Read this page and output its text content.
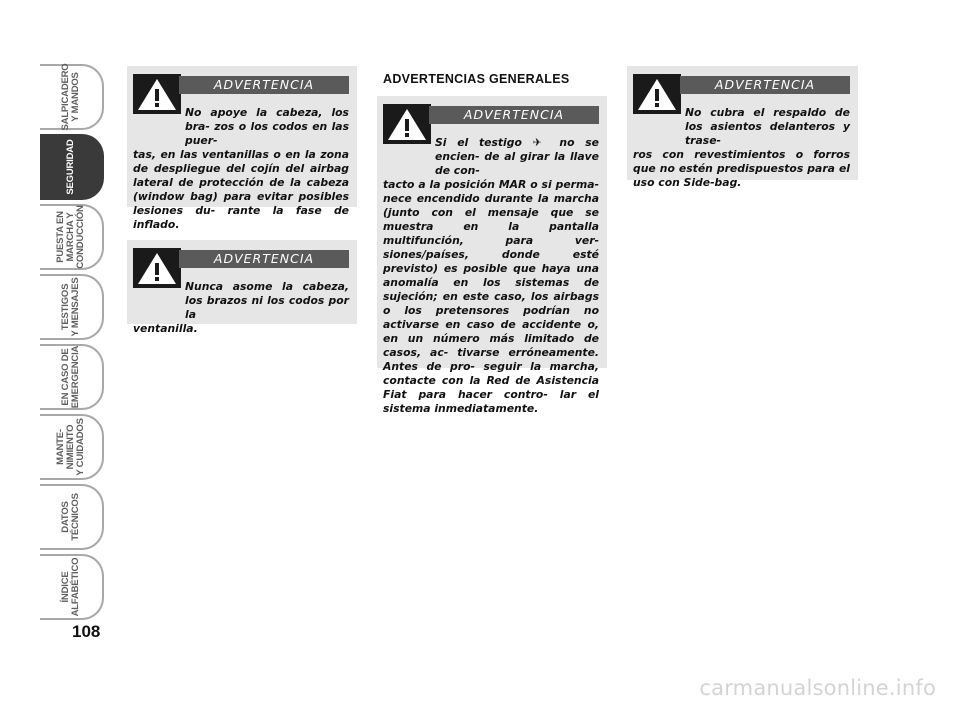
SALPICADERO
Y MANDOS
SEGURIDAD
PUESTA EN
MARCHA Y
CONDUCCIÓN
TESTIGOS
Y MENSAJES
EN CASO DE
EMERGENCIA
MANTE-
NIMIENTO
Y CUIDADOS
DATOS
TÉCNICOS
ÍNDICE
ALFABÉTICO
108
ADVERTENCIA

No apoye la cabeza, los bra- zos o los codos en las puer-
tas, en las ventanillas o en la zona de despliegue del cojín del airbag lateral de protección de la cabeza (window bag) para evitar posibles lesiones du- rante la fase de inflado.

ADVERTENCIA

Nunca asome la cabeza, los brazos ni los codos por la
ventanilla.

ADVERTENCIAS GENERALES
ADVERTENCIA

Si el testigo ✈ no se encien- de al girar la llave de con-
tacto a la posición MAR o si perma- nece encendido durante la marcha (junto con el mensaje que se muestra en la pantalla multifunción, para ver- siones/países, donde esté previsto) es posible que haya una anomalía en los sistemas de sujeción; en este caso, los airbags o los pretensores podrían no activarse en caso de accidente o, en un número más limitado de casos, ac- tivarse erróneamente. Antes de pro- seguir la marcha, contacte con la Red de Asistencia Fiat para hacer contro- lar el sistema inmediatamente.

ADVERTENCIA

No cubra el respaldo de los asientos delanteros y trase-
ros con revestimientos o forros que no estén predispuestos para el uso con Side-bag.

carmanualsonline.info
